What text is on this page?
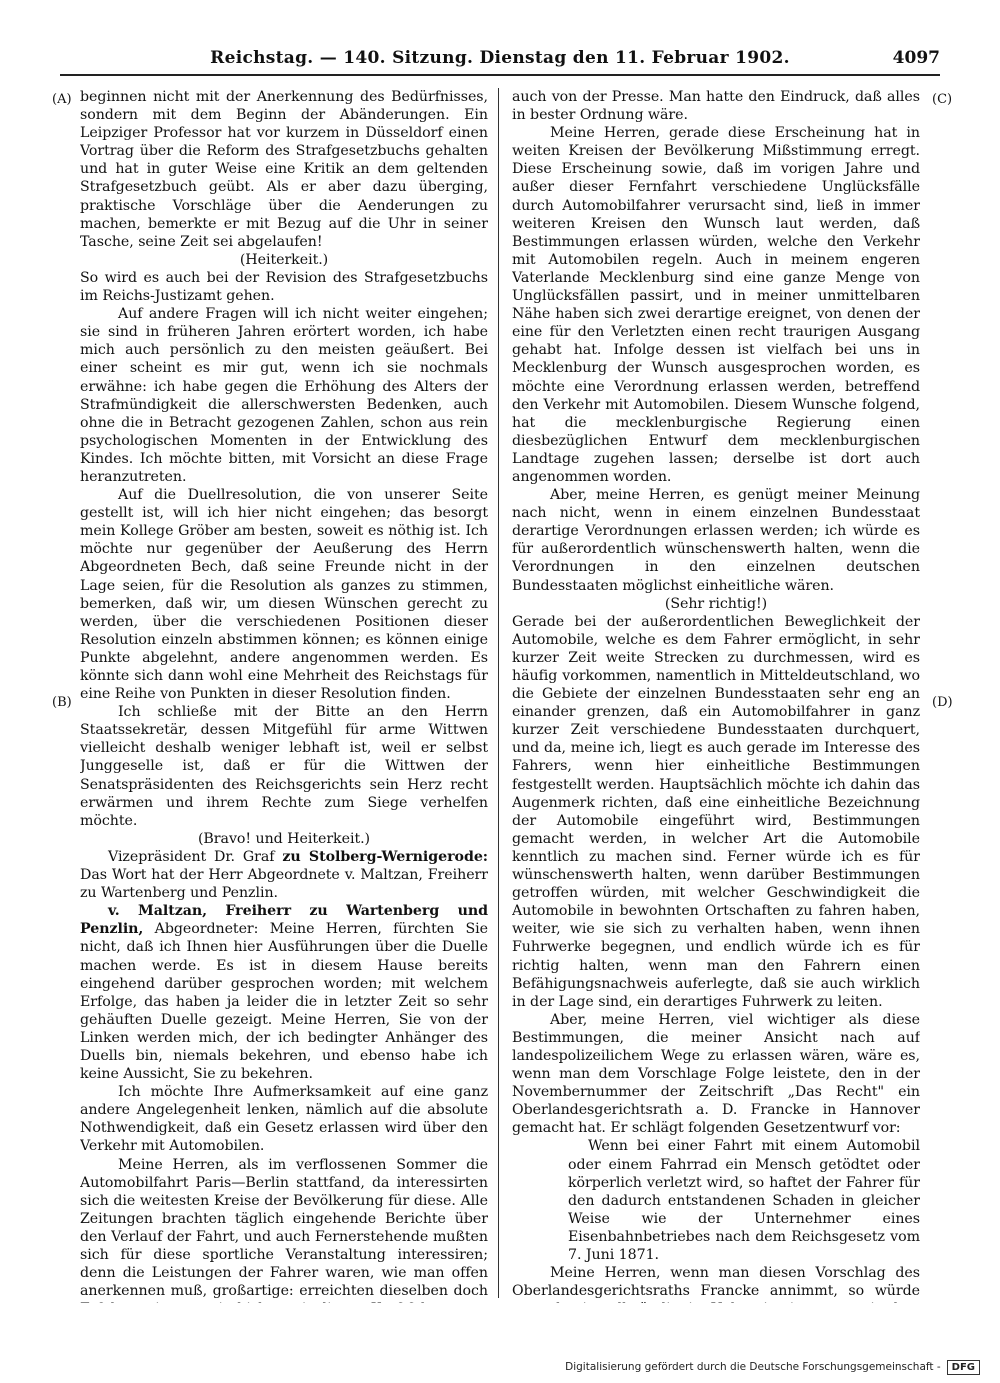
Reichstag. — 140. Sitzung. Dienstag den 11. Februar 1902.	4097
(A)
(B)
(C)
(D)

beginnen nicht mit der Anerkennung des Bedürfnisses, sondern mit dem Beginn der Abänderungen. Ein Leipziger Professor hat vor kurzem in Düsseldorf einen Vortrag über die Reform des Strafgesetzbuchs gehalten und hat in guter Weise eine Kritik an dem geltenden Strafgesetzbuch geübt. Als er aber dazu überging, praktische Vorschläge über die Aenderungen zu machen, bemerkte er mit Bezug auf die Uhr in seiner Tasche, seine Zeit sei abgelaufen!

(Heiterkeit.)

So wird es auch bei der Revision des Strafgesetzbuchs im Reichs-Justizamt gehen.

Auf andere Fragen will ich nicht weiter eingehen; sie sind in früheren Jahren erörtert worden, ich habe mich auch persönlich zu den meisten geäußert. Bei einer scheint es mir gut, wenn ich sie nochmals erwähne: ich habe gegen die Erhöhung des Alters der Strafmündigkeit die allerschwersten Bedenken, auch ohne die in Betracht gezogenen Zahlen, schon aus rein psychologischen Momenten in der Entwicklung des Kindes. Ich möchte bitten, mit Vorsicht an diese Frage heranzutreten.

Auf die Duellresolution, die von unserer Seite gestellt ist, will ich hier nicht eingehen; das besorgt mein Kollege Gröber am besten, soweit es nöthig ist. Ich möchte nur gegenüber der Aeußerung des Herrn Abgeordneten Bech, daß seine Freunde nicht in der Lage seien, für die Resolution als ganzes zu stimmen, bemerken, daß wir, um diesen Wünschen gerecht zu werden, über die verschiedenen Positionen dieser Resolution einzeln abstimmen können; es können einige Punkte abgelehnt, andere angenommen werden. Es könnte sich dann wohl eine Mehrheit des Reichstags für eine Reihe von Punkten in dieser Resolution finden.

Ich schließe mit der Bitte an den Herrn Staatssekretär, dessen Mitgefühl für arme Wittwen vielleicht deshalb weniger lebhaft ist, weil er selbst Junggeselle ist, daß er für die Wittwen der Senatspräsidenten des Reichsgerichts sein Herz recht erwärmen und ihrem Rechte zum Siege verhelfen möchte.

(Bravo! und Heiterkeit.)

Vizepräsident Dr. Graf zu Stolberg-Wernigerode: Das Wort hat der Herr Abgeordnete v. Maltzan, Freiherr zu Wartenberg und Penzlin.

v. Maltzan, Freiherr zu Wartenberg und Penzlin, Abgeordneter: Meine Herren, fürchten Sie nicht, daß ich Ihnen hier Ausführungen über die Duelle machen werde. Es ist in diesem Hause bereits eingehend darüber gesprochen worden; mit welchem Erfolge, das haben ja leider die in letzter Zeit so sehr gehäuften Duelle gezeigt. Meine Herren, Sie von der Linken werden mich, der ich bedingter Anhänger des Duells bin, niemals bekehren, und ebenso habe ich keine Aussicht, Sie zu bekehren.

Ich möchte Ihre Aufmerksamkeit auf eine ganz andere Angelegenheit lenken, nämlich auf die absolute Nothwendigkeit, daß ein Gesetz erlassen wird über den Verkehr mit Automobilen.

Meine Herren, als im verflossenen Sommer die Automobilfahrt Paris—Berlin stattfand, da interessirten sich die weitesten Kreise der Bevölkerung für diese. Alle Zeitungen brachten täglich eingehende Berichte über den Verlauf der Fahrt, und auch Fernerstehende mußten sich für diese sportliche Veranstaltung interessiren; denn die Leistungen der Fahrer waren, wie man offen anerkennen muß, großartige: erreichten dieselben doch

auch von der Presse. Man hatte den Eindruck, daß alles in bester Ordnung wäre.

Meine Herren, gerade diese Erscheinung hat in weiten Kreisen der Bevölkerung Mißstimmung erregt. Diese Erscheinung sowie, daß im vorigen Jahre und außer dieser Fernfahrt verschiedene Unglücksfälle durch Automobilfahrer verursacht sind, ließ in immer weiteren Kreisen den Wunsch laut werden, daß Bestimmungen erlassen würden, welche den Verkehr mit Automobilen regeln. Auch in meinem engeren Vaterlande Mecklenburg sind eine ganze Menge von Unglücksfällen passirt, und in meiner unmittelbaren Nähe haben sich zwei derartige ereignet, von denen der eine für den Verletzten einen recht traurigen Ausgang gehabt hat. Infolge dessen ist vielfach bei uns in Mecklenburg der Wunsch ausgesprochen worden, es möchte eine Verordnung erlassen werden, betreffend den Verkehr mit Automobilen. Diesem Wunsche folgend, hat die mecklenburgische Regierung einen diesbezüglichen Entwurf dem mecklenburgischen Landtage zugehen lassen; derselbe ist dort auch angenommen worden.

Aber, meine Herren, es genügt meiner Meinung nach nicht, wenn in einem einzelnen Bundesstaat derartige Verordnungen erlassen werden; ich würde es für außerordentlich wünschenswerth halten, wenn die Verordnungen in den einzelnen deutschen Bundesstaaten möglichst einheitliche wären.

(Sehr richtig!)

Gerade bei der außerordentlichen Beweglichkeit der Automobile, welche es dem Fahrer ermöglicht, in sehr kurzer Zeit weite Strecken zu durchmessen, wird es häufig vorkommen, namentlich in Mitteldeutschland, wo die Gebiete der einzelnen Bundesstaaten sehr eng an einander grenzen, daß ein Automobilfahrer in ganz kurzer Zeit verschiedene Bundesstaaten durchquert, und da, meine ich, liegt es auch gerade im Interesse des Fahrers, wenn hier einheitliche Bestimmungen festgestellt werden. Hauptsächlich möchte ich dahin das Augenmerk richten, daß eine einheitliche Bezeichnung der Automobile eingeführt wird, Bestimmungen gemacht werden, in welcher Art die Automobile kenntlich zu machen sind. Ferner würde ich es für wünschenswerth halten, wenn darüber Bestimmungen getroffen würden, mit welcher Geschwindigkeit die Automobile in bewohnten Ortschaften zu fahren haben, weiter, wie sie sich zu verhalten haben, wenn ihnen Fuhrwerke begegnen, und endlich würde ich es für richtig halten, wenn man den Fahrern einen Befähigungsnachweis auferlegte, daß sie auch wirklich in der Lage sind, ein derartiges Fuhrwerk zu leiten.

Aber, meine Herren, viel wichtiger als diese Bestimmungen, die meiner Ansicht nach auf landespolizeilichem Wege zu erlassen wären, wäre es, wenn man dem Vorschlage Folge leistete, den in der Novembernummer der Zeitschrift „Das Recht" ein Oberlandesgerichtsrath a. D. Francke in Hannover gemacht hat. Er schlägt folgenden Gesetzentwurf vor:

Wenn bei einer Fahrt mit einem Automobil oder einem Fahrrad ein Mensch getödtet oder körperlich verletzt wird, so haftet der Fahrer für den dadurch entstandenen Schaden in gleicher Weise wie der Unternehmer eines Eisenbahnbetriebes nach dem Reichsgesetz vom 7. Juni 1871.

Meine Herren, wenn man diesen Vorschlag des Oberlandesgerichtsraths Francke annimmt, so würde

Digitalisierung gefördert durch die Deutsche Forschungsgemeinschaft - DFG
